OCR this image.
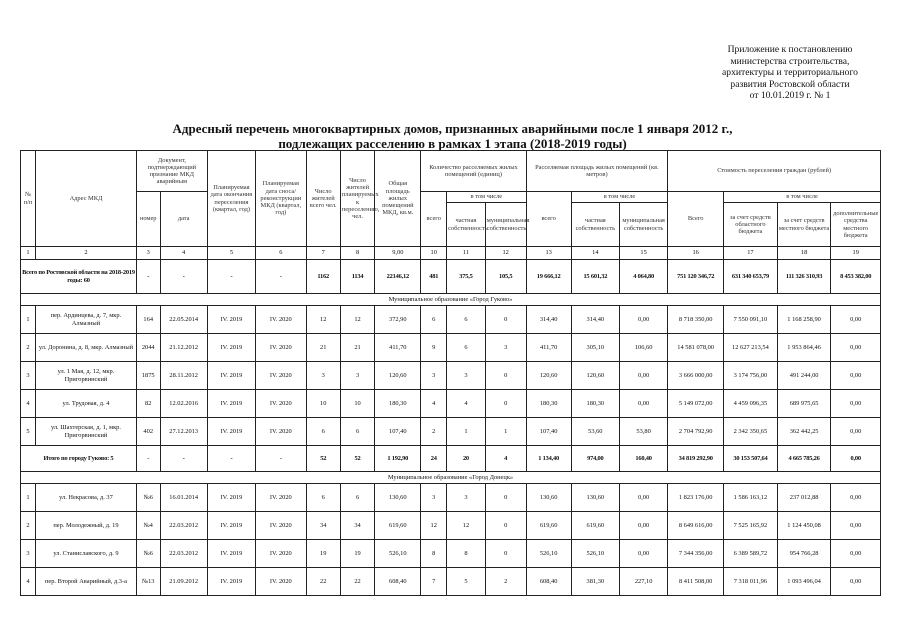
Приложение к постановлению
министерства строительства,
архитектуры и территориального
развития Ростовской области
от 10.01.2019 г. № 1
Адресный перечень многоквартирных домов, признанных аварийными после 1 января 2012 г.,
подлежащих расселению в рамках 1 этапа (2018-2019 годы)
№ п/п	Адрес МКД	Документ, подтверждающий признание МКД аварийным		Планируемая дата окончания переселения (квартал, год)	Планируемая дата сноса/ реконструкции МКД (квартал, год)	Число жителей всего чел.	Число жителей планируемых к переселению, чел.	Общая площадь жилых помещений МКД, кв.м.	Количество расселяемых жилых помещений (единиц)			Расселяемая площадь жилых помещений (кв. метров)			Стоимость переселения граждан (рублей)			
		номер	дата						всего	в том числе		всего	в том числе		Всего	в том числе		
										частная собственность	муниципальная собственность		частная собственность	муниципальная собственность		за счет средств областного бюджета	за счет средств местного бюджета	дополнительные средства местного бюджета
1	2	3	4	5	6	7	8	9,00	10	11	12	13	14	15	16	17	18	19
Всего по Ростовской области на 2018-2019 годы: 60		-	-	-	-	1162	1134	22146,12	481	375,5	105,5	19 666,12	15 601,32	4 064,80	751 120 346,72	631 340 653,79	111 326 310,93	8 453 382,00
Муниципальное образование «Город Гуково»																		
1	пер. Ардинцева, д. 7, мкр. Алмазный	164	22.05.2014	IV. 2019	IV. 2020	12	12	372,90	6	6	0	314,40	314,40	0,00	8 718 350,00	7 550 091,10	1 168 258,90	0,00
2	ул. Доронина, д. 8, мкр. Алмазный	2044	21.12.2012	IV. 2019	IV. 2020	21	21	411,70	9	6	3	411,70	305,10	106,60	14 581 078,00	12 627 213,54	1 953 864,46	0,00
3	ул. 1 Мая, д. 12, мкр. Пригорвинский	1875	28.11.2012	IV. 2019	IV. 2020	3	3	120,60	3	3	0	120,60	120,60	0,00	3 666 000,00	3 174 756,00	491 244,00	0,00
4	ул. Трудовая, д. 4	82	12.02.2016	IV. 2019	IV. 2020	10	10	180,30	4	4	0	180,30	180,30	0,00	5 149 072,00	4 459 096,35	689 975,65	0,00
5	ул. Шахтерская, д. 1, мкр. Пригорвинский	402	27.12.2013	IV. 2019	IV. 2020	6	6	107,40	2	1	1	107,40	53,60	53,80	2 704 792,90	2 342 350,65	362 442,25	0,00
Итого по городу Гуково: 5		-	-	-	-	52	52	1 192,90	24	20	4	1 134,40	974,00	160,40	34 819 292,90	30 153 507,64	4 665 785,26	0,00
Муниципальное образование «Город Донецк»																		
1	ул. Некрасова, д. 37	№6	16.01.2014	IV. 2019	IV. 2020	6	6	130,60	3	3	0	130,60	130,60	0,00	1 823 176,00	1 586 163,12	237 012,88	0,00
2	пер. Молодежный, д. 19	№4	22.03.2012	IV. 2019	IV. 2020	34	34	619,60	12	12	0	619,60	619,60	0,00	8 649 616,00	7 525 165,92	1 124 450,08	0,00
3	ул. Станиславского, д. 9	№6	22.03.2012	IV. 2019	IV. 2020	19	19	526,10	8	8	0	526,10	526,10	0,00	7 344 356,00	6 389 589,72	954 766,28	0,00
4	пер. Второй Аварийный, д.3-а	№13	21.09.2012	IV. 2019	IV. 2020	22	22	608,40	7	5	2	608,40	381,30	227,10	8 411 508,00	7 318 011,96	1 093 496,04	0,00
